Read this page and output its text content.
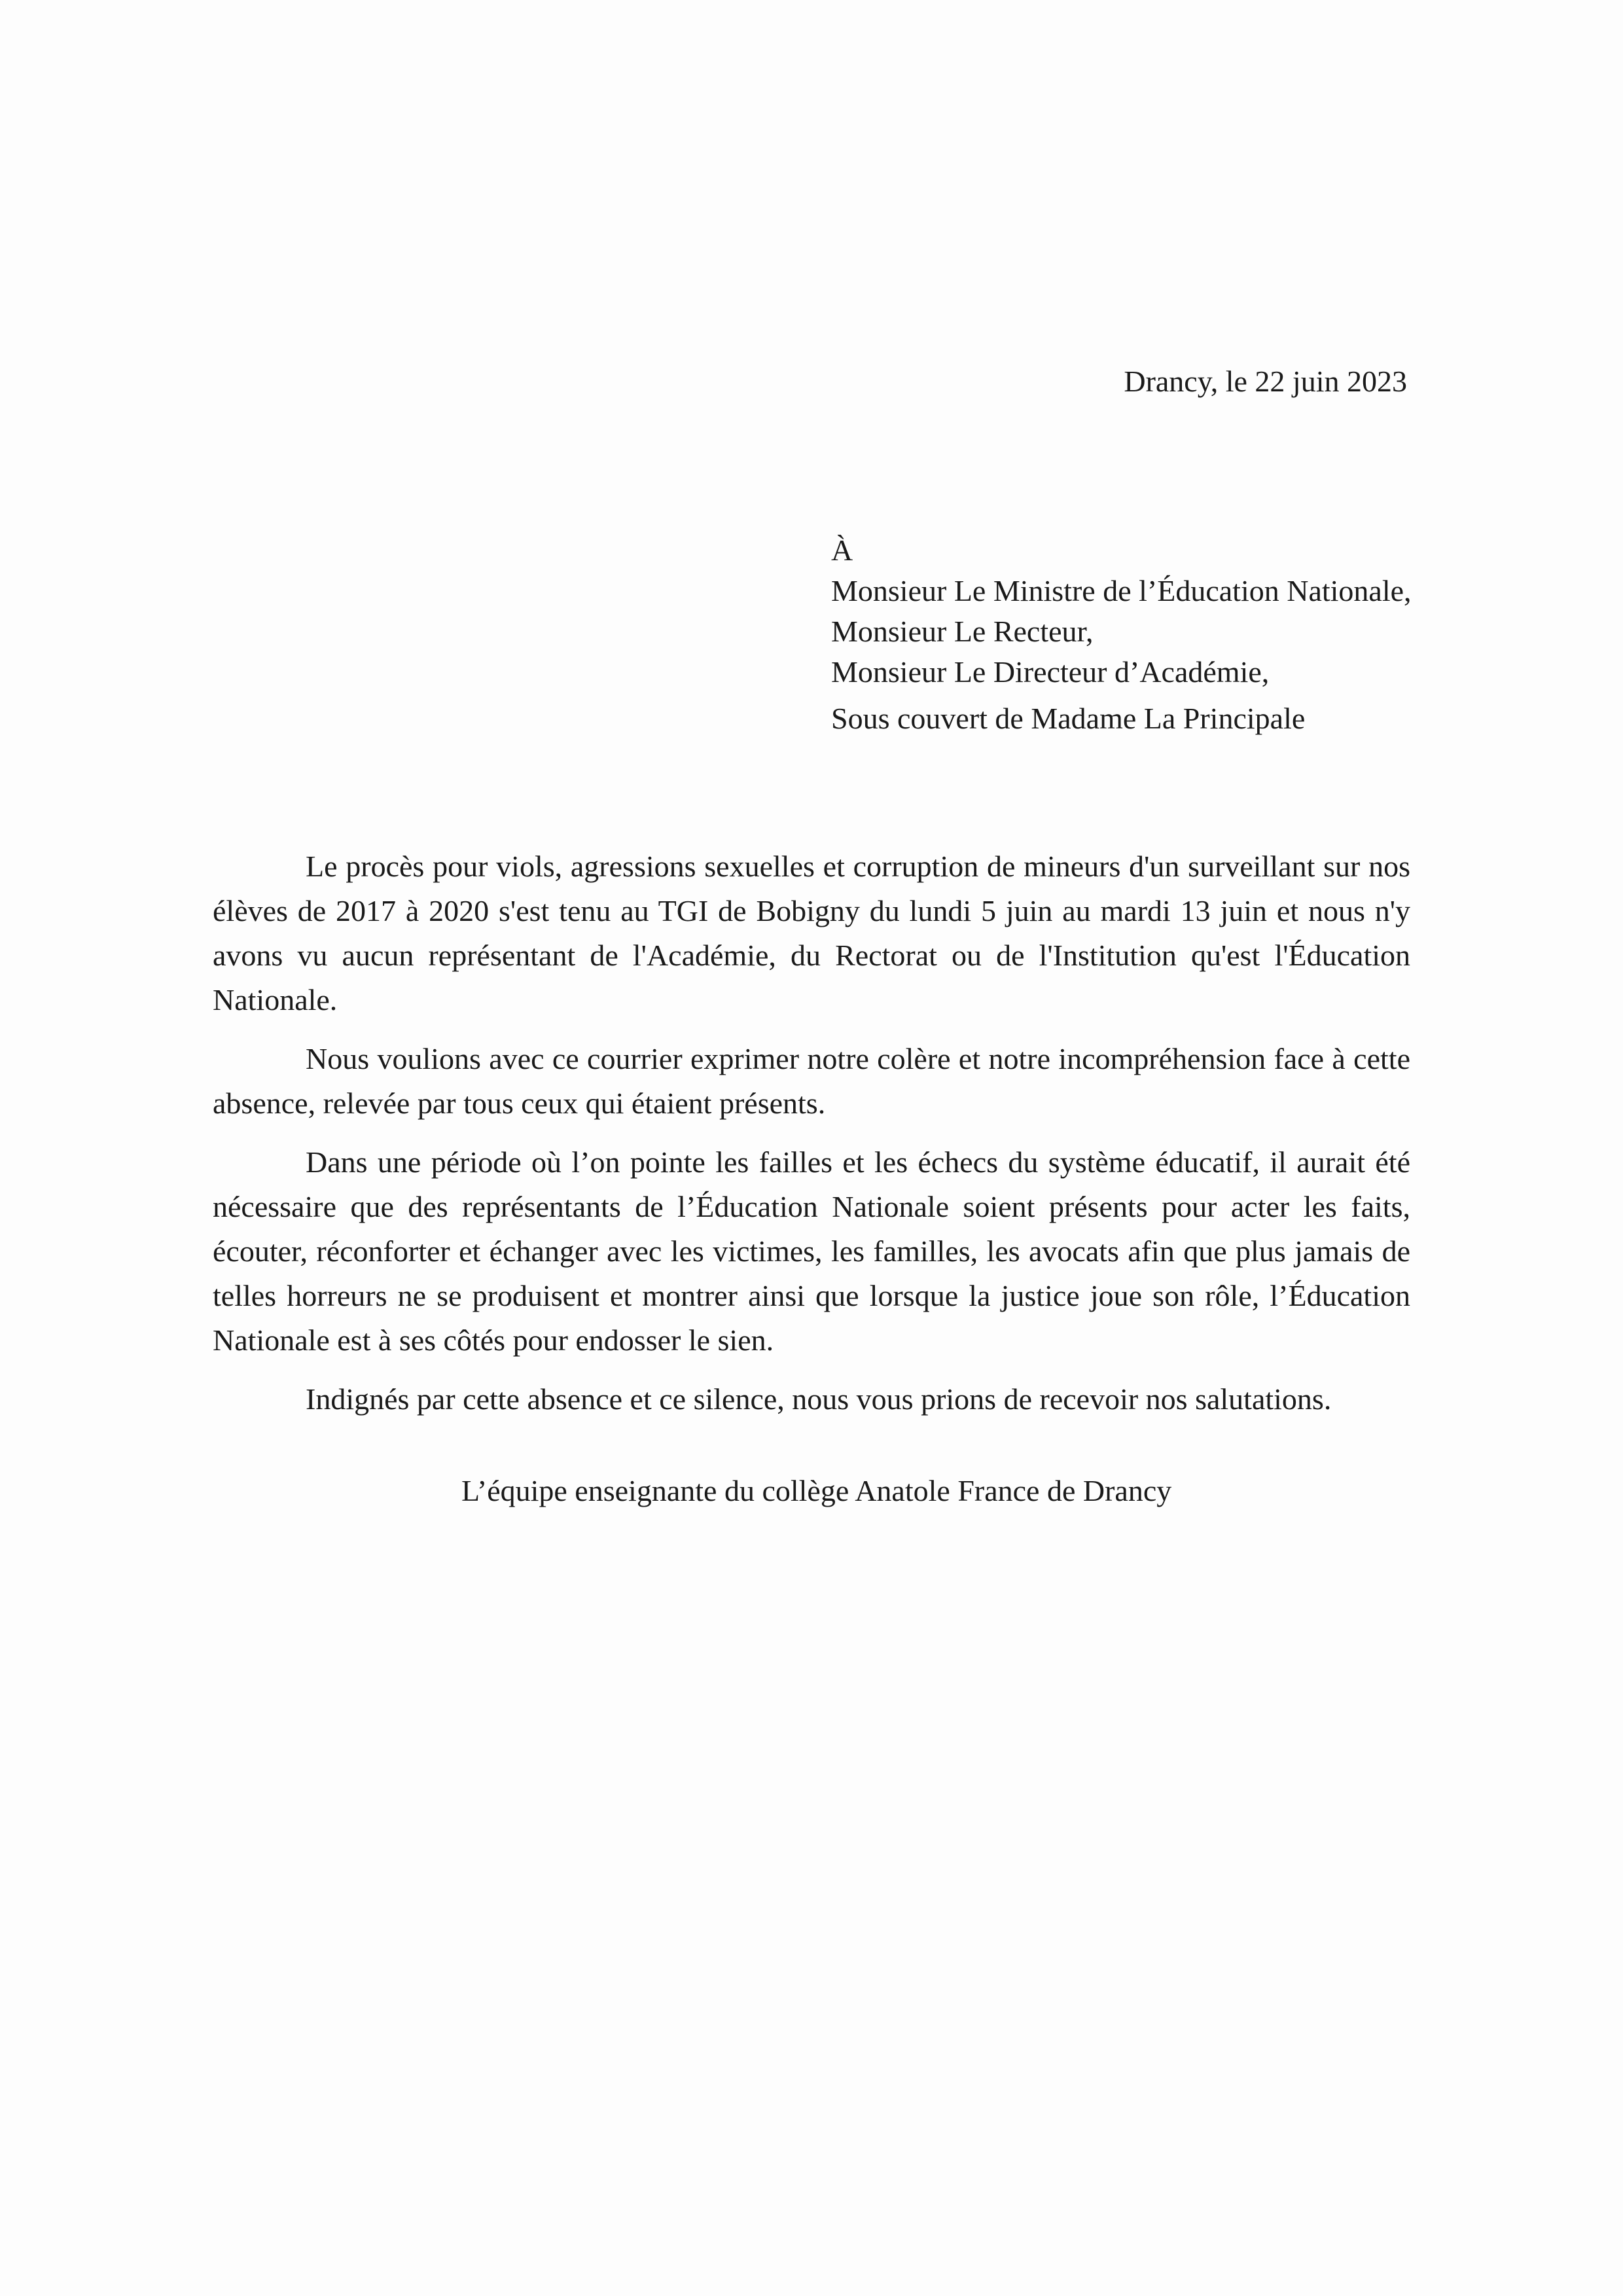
Drancy, le 22 juin 2023
À
Monsieur Le Ministre de l’Éducation Nationale,
Monsieur Le Recteur,
Monsieur Le Directeur d’Académie,
Sous couvert de Madame La Principale

Le procès pour viols, agressions sexuelles et corruption de mineurs d'un surveillant sur nos élèves de 2017 à 2020 s'est tenu au TGI de Bobigny du lundi 5 juin au mardi 13 juin et nous n'y avons vu aucun représentant de l'Académie, du Rectorat ou de l'Institution qu'est l'Éducation Nationale.

Nous voulions avec ce courrier exprimer notre colère et notre incompréhension face à cette absence, relevée par tous ceux qui étaient présents.

Dans une période où l’on pointe les failles et les échecs du système éducatif, il aurait été nécessaire que des représentants de l’Éducation Nationale soient présents pour acter les faits, écouter, réconforter et échanger avec les victimes, les familles, les avocats afin que plus jamais de telles horreurs ne se produisent et montrer ainsi que lorsque la justice joue son rôle, l’Éducation Nationale est à ses côtés pour endosser le sien.

Indignés par cette absence et ce silence, nous vous prions de recevoir nos salutations.

L’équipe enseignante du collège Anatole France de Drancy
